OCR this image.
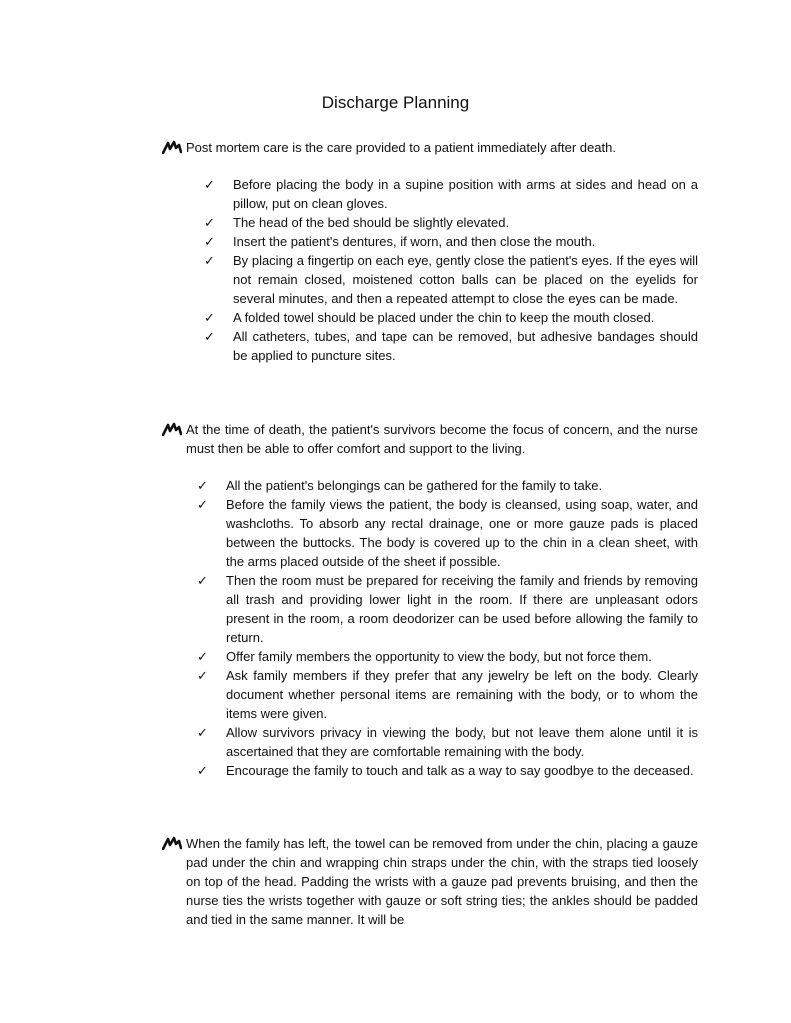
Discharge Planning
Post mortem care is the care provided to a patient immediately after death.
✓ Before placing the body in a supine position with arms at sides and head on a pillow, put on clean gloves.
✓ The head of the bed should be slightly elevated.
✓ Insert the patient's dentures, if worn, and then close the mouth.
✓ By placing a fingertip on each eye, gently close the patient's eyes. If the eyes will not remain closed, moistened cotton balls can be placed on the eyelids for several minutes, and then a repeated attempt to close the eyes can be made.
✓ A folded towel should be placed under the chin to keep the mouth closed.
✓ All catheters, tubes, and tape can be removed, but adhesive bandages should be applied to puncture sites.
At the time of death, the patient's survivors become the focus of concern, and the nurse must then be able to offer comfort and support to the living.
✓ All the patient's belongings can be gathered for the family to take.
✓ Before the family views the patient, the body is cleansed, using soap, water, and washcloths. To absorb any rectal drainage, one or more gauze pads is placed between the buttocks. The body is covered up to the chin in a clean sheet, with the arms placed outside of the sheet if possible.
✓ Then the room must be prepared for receiving the family and friends by removing all trash and providing lower light in the room. If there are unpleasant odors present in the room, a room deodorizer can be used before allowing the family to return.
✓ Offer family members the opportunity to view the body, but not force them.
✓ Ask family members if they prefer that any jewelry be left on the body. Clearly document whether personal items are remaining with the body, or to whom the items were given.
✓ Allow survivors privacy in viewing the body, but not leave them alone until it is ascertained that they are comfortable remaining with the body.
✓ Encourage the family to touch and talk as a way to say goodbye to the deceased.
When the family has left, the towel can be removed from under the chin, placing a gauze pad under the chin and wrapping chin straps under the chin, with the straps tied loosely on top of the head. Padding the wrists with a gauze pad prevents bruising, and then the nurse ties the wrists together with gauze or soft string ties; the ankles should be padded and tied in the same manner. It will be
